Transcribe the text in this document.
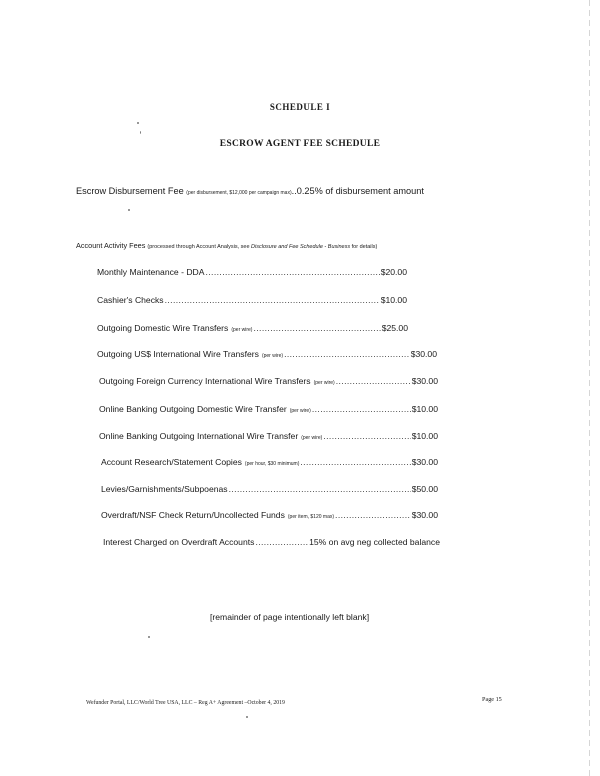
SCHEDULE I
ESCROW AGENT FEE SCHEDULE
Escrow Disbursement Fee (per disbursement, $12,000 per campaign max)..0.25% of disbursement amount
Account Activity Fees (processed through Account Analysis, see Disclosure and Fee Schedule - Business for details)
Monthly Maintenance - DDA .....	$20.00
Cashier's Checks .....	$10.00
Outgoing Domestic Wire Transfers (per wire) .....	$25.00
Outgoing US$ International Wire Transfers (per wire) .....	$30.00
Outgoing Foreign Currency International Wire Transfers (per wire) .....	$30.00
Online Banking Outgoing Domestic Wire Transfer (per wire) .....	$10.00
Online Banking Outgoing International Wire Transfer (per wire) .....	$10.00
Account Research/Statement Copies (per hour, $30 minimum) .....	$30.00
Levies/Garnishments/Subpoenas .....	$50.00
Overdraft/NSF Check Return/Uncollected Funds (per item, $120 max) .....	$30.00
Interest Charged on Overdraft Accounts .....	15% on avg neg collected balance
[remainder of page intentionally left blank]
Wefunder Portal, LLC/World Tree USA, LLC – Reg A+ Agreement –October 4, 2019	Page 15
